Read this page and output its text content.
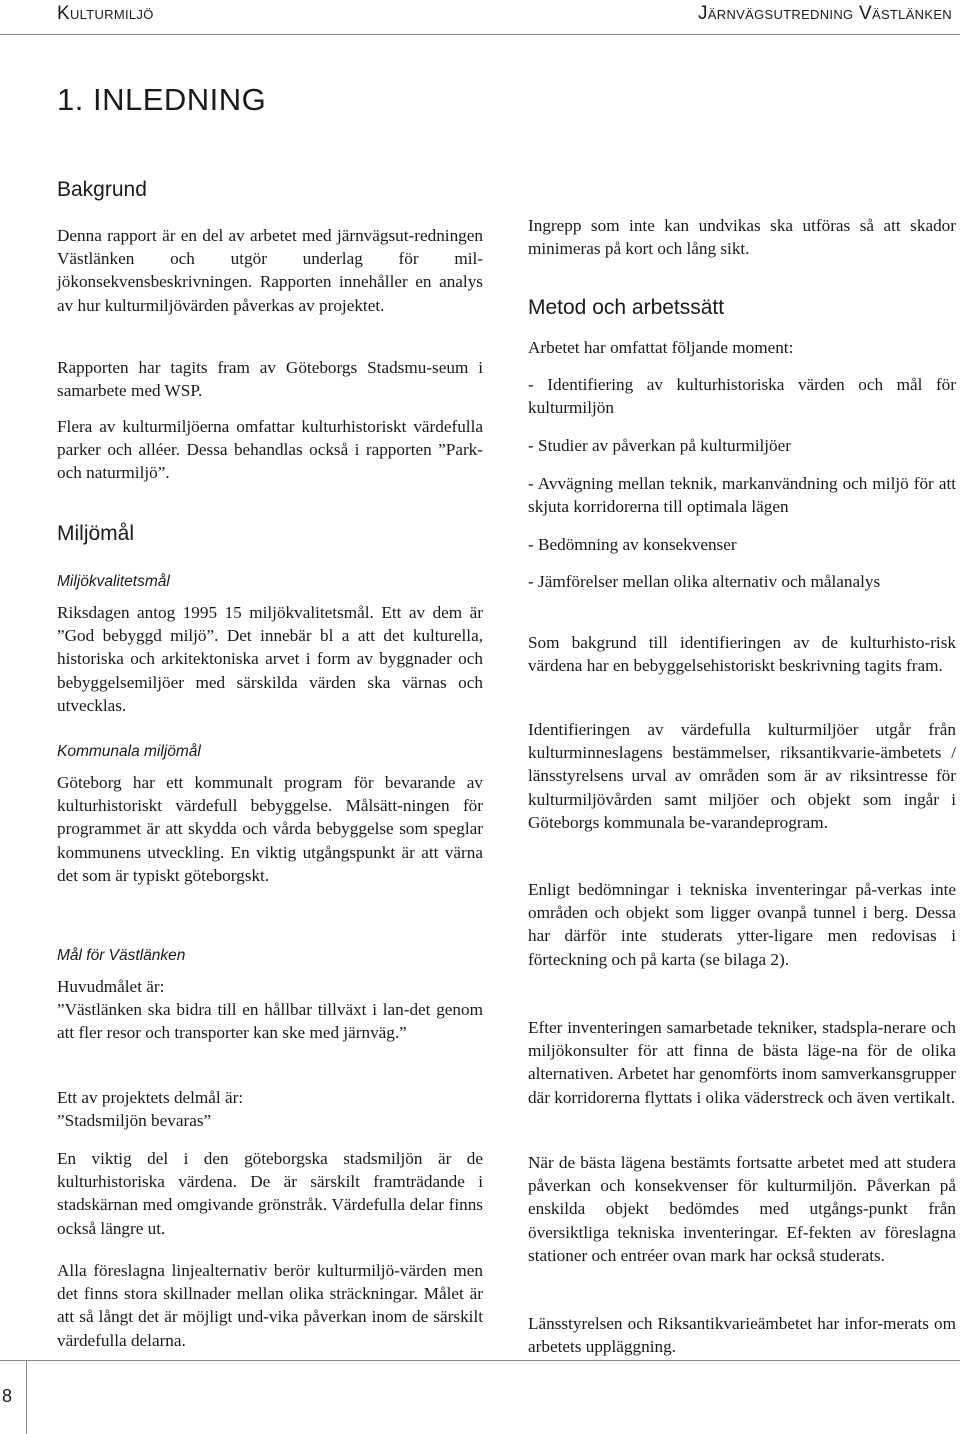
Kulturmiljö	Järnvägsutredning Västlänken
1. INLEDNING
Bakgrund

Denna rapport är en del av arbetet med järnvägsut-redningen Västlänken och utgör underlag för mil-jökonsekvensbeskrivningen. Rapporten innehåller en analys av hur kulturmiljövärden påverkas av projektet.

Rapporten har tagits fram av Göteborgs Stadsmu-seum i samarbete med WSP.

Flera av kulturmiljöerna omfattar kulturhistoriskt värdefulla parker och alléer. Dessa behandlas också i rapporten ”Park- och naturmiljö”.

Miljömål
Miljökvalitetsmål

Riksdagen antog 1995 15 miljökvalitetsmål. Ett av dem är ”God bebyggd miljö”. Det innebär bl a att det kulturella, historiska och arkitektoniska arvet i form av byggnader och bebyggelsemiljöer med särskilda värden ska värnas och utvecklas.

Kommunala miljömål

Göteborg har ett kommunalt program för bevarande av kulturhistoriskt värdefull bebyggelse. Målsätt-ningen för programmet är att skydda och vårda bebyggelse som speglar kommunens utveckling. En viktig utgångspunkt är att värna det som är typiskt göteborgskt.

Mål för Västlänken

Huvudmålet är:

”Västlänken ska bidra till en hållbar tillväxt i lan-det genom att fler resor och transporter kan ske med järnväg.”

Ett av projektets delmål är:

”Stadsmiljön bevaras”

En viktig del i den göteborgska stadsmiljön är de kulturhistoriska värdena. De är särskilt framträdande i stadskärnan med omgivande grönstråk. Värdefulla delar finns också längre ut.

Alla föreslagna linjealternativ berör kulturmiljö-värden men det finns stora skillnader mellan olika sträckningar. Målet är att så långt det är möjligt und-vika påverkan inom de särskilt värdefulla delarna.

Ingrepp som inte kan undvikas ska utföras så att skador minimeras på kort och lång sikt.

Metod och arbetssätt

Arbetet har omfattat följande moment:

- Identifiering av kulturhistoriska värden och mål för kulturmiljön

- Studier av påverkan på kulturmiljöer

- Avvägning mellan teknik, markanvändning och miljö för att skjuta korridorerna till optimala lägen

- Bedömning av konsekvenser

- Jämförelser mellan olika alternativ och målanalys

Som bakgrund till identifieringen av de kulturhisto-risk värdena har en bebyggelsehistoriskt beskrivning tagits fram.

Identifieringen av värdefulla kulturmiljöer utgår från kulturminneslagens bestämmelser, riksantikvarie-ämbetets / länsstyrelsens urval av områden som är av riksintresse för kulturmiljövården samt miljöer och objekt som ingår i Göteborgs kommunala be-varandeprogram.

Enligt bedömningar i tekniska inventeringar på-verkas inte områden och objekt som ligger ovanpå tunnel i berg. Dessa har därför inte studerats ytter-ligare men redovisas i förteckning och på karta (se bilaga 2).

Efter inventeringen samarbetade tekniker, stadspla-nerare och miljökonsulter för att finna de bästa läge-na för de olika alternativen. Arbetet har genomförts inom samverkansgrupper där korridorerna flyttats i olika väderstreck och även vertikalt.

När de bästa lägena bestämts fortsatte arbetet med att studera påverkan och konsekvenser för kulturmiljön. Påverkan på enskilda objekt bedömdes med utgångs-punkt från översiktliga tekniska inventeringar. Ef-fekten av föreslagna stationer och entréer ovan mark har också studerats.

Länsstyrelsen och Riksantikvarieämbetet har infor-merats om arbetets uppläggning.

8
